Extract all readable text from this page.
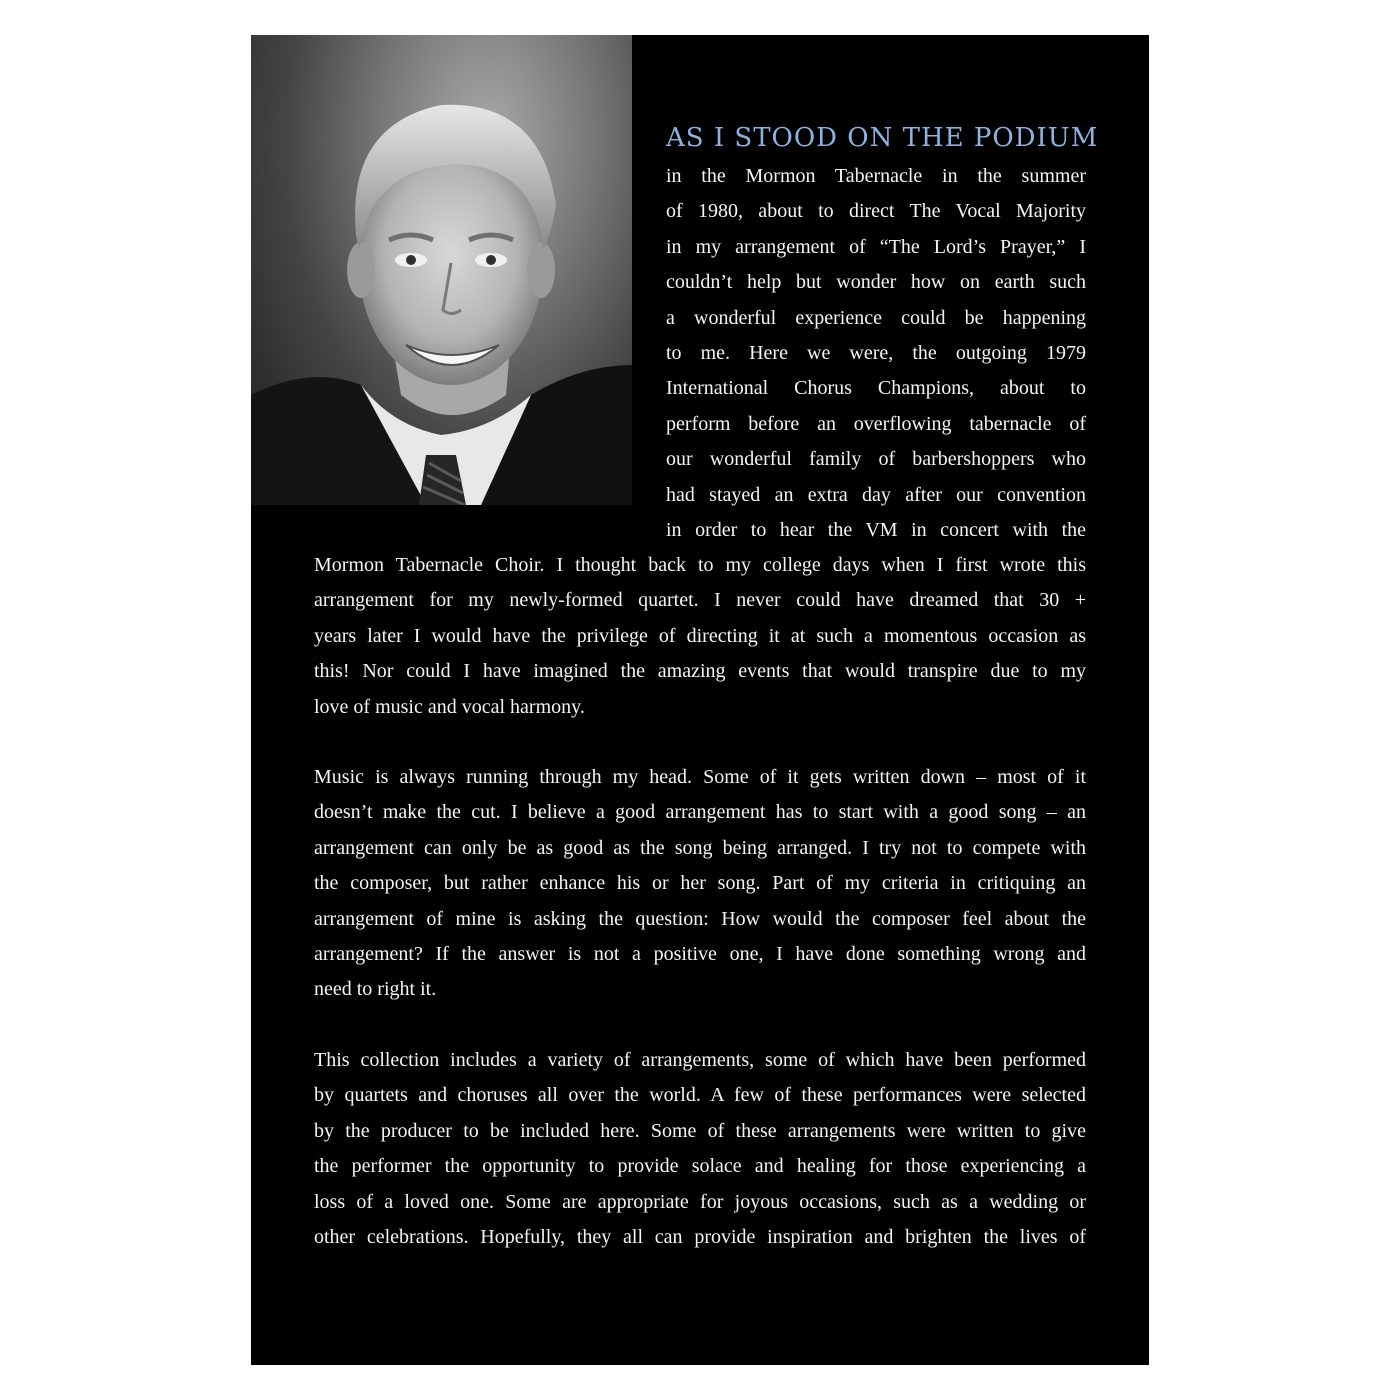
AS I STOOD ON THE PODIUM
in the Mormon Tabernacle in the summer
of 1980, about to direct The Vocal Majority
in my arrangement of “The Lord’s Prayer,” I
couldn’t help but wonder how on earth such
a wonderful experience could be happening
to me. Here we were, the outgoing 1979
International Chorus Champions, about to
perform before an overflowing tabernacle of
our wonderful family of barbershoppers who
had stayed an extra day after our convention
in order to hear the VM in concert with the
Mormon Tabernacle Choir. I thought back to my college days when I first wrote this
arrangement for my newly-formed quartet. I never could have dreamed that 30 +
years later I would have the privilege of directing it at such a momentous occasion as
this! Nor could I have imagined the amazing events that would transpire due to my
love of music and vocal harmony.
Music is always running through my head. Some of it gets written down – most of it
doesn’t make the cut. I believe a good arrangement has to start with a good song – an
arrangement can only be as good as the song being arranged. I try not to compete with
the composer, but rather enhance his or her song. Part of my criteria in critiquing an
arrangement of mine is asking the question: How would the composer feel about the
arrangement? If the answer is not a positive one, I have done something wrong and
need to right it.
This collection includes a variety of arrangements, some of which have been performed
by quartets and choruses all over the world. A few of these performances were selected
by the producer to be included here. Some of these arrangements were written to give
the performer the opportunity to provide solace and healing for those experiencing a
loss of a loved one. Some are appropriate for joyous occasions, such as a wedding or
other celebrations. Hopefully, they all can provide inspiration and brighten the lives of
